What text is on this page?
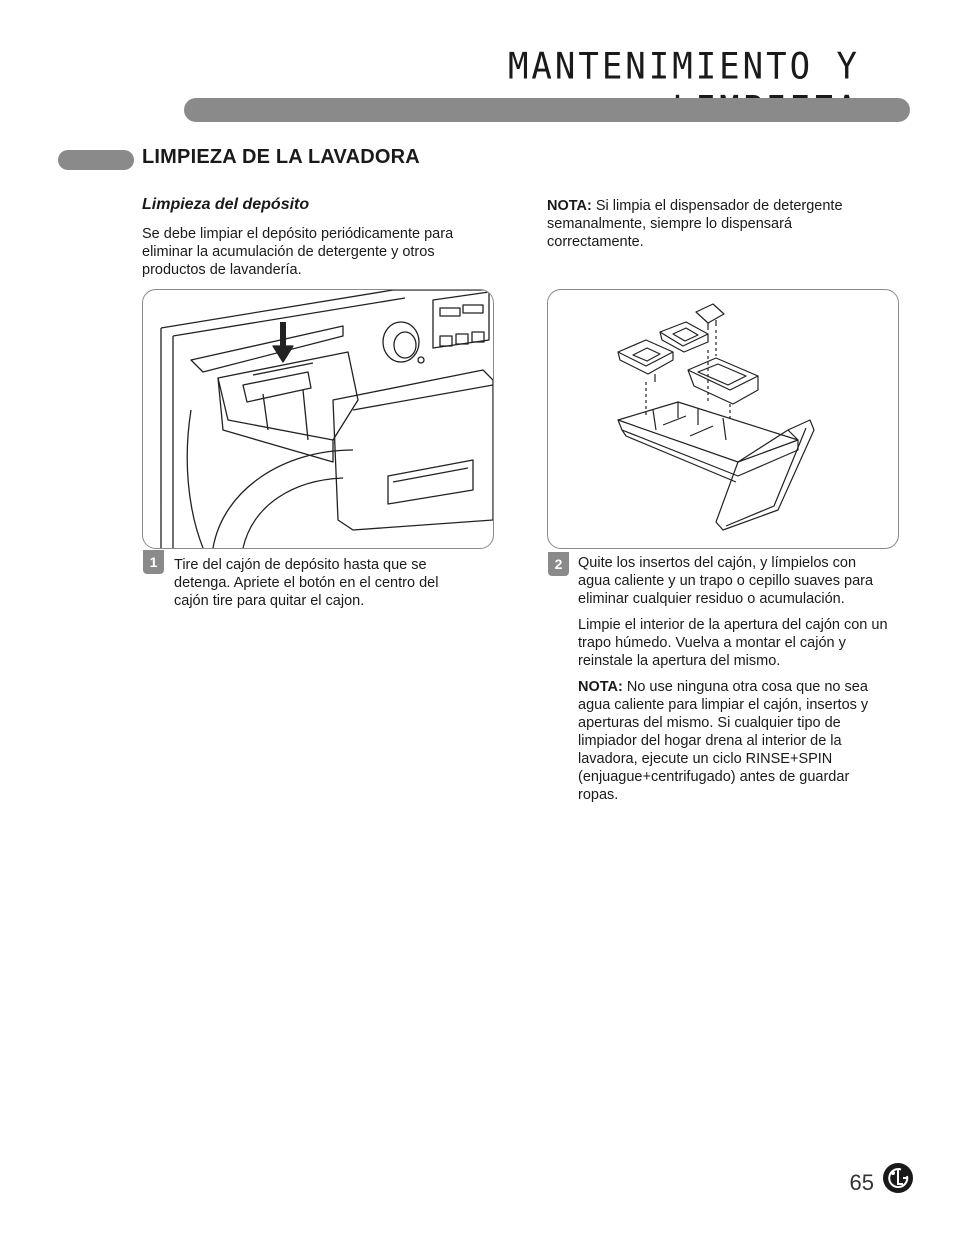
MANTENIMIENTO Y
LIMPIEZA DE LA LAVADORA
Limpieza del depósito

Se debe limpiar el depósito periódicamente para eliminar la acumulación de detergente y otros productos de lavandería.

NOTA: Si limpia el dispensador de detergente semanalmente, siempre lo dispensará correctamente.

1	Tire del cajón de depósito hasta que se detenga. Apriete el botón en el centro del cajón tire para quitar el cajon.

2	Quite los insertos del cajón, y límpielos con agua caliente y un trapo o cepillo suaves para eliminar cualquier residuo o acumulación.

Limpie el interior de la apertura del cajón con un trapo húmedo. Vuelva a montar el cajón y reinstale la apertura del mismo.

NOTA: No use ninguna otra cosa que no sea agua caliente para limpiar el cajón, insertos y aperturas del mismo. Si cualquier tipo de limpiador del hogar drena al interior de la lavadora, ejecute un ciclo RINSE+SPIN (enjuague+centrifugado) antes de guardar ropas.

65
